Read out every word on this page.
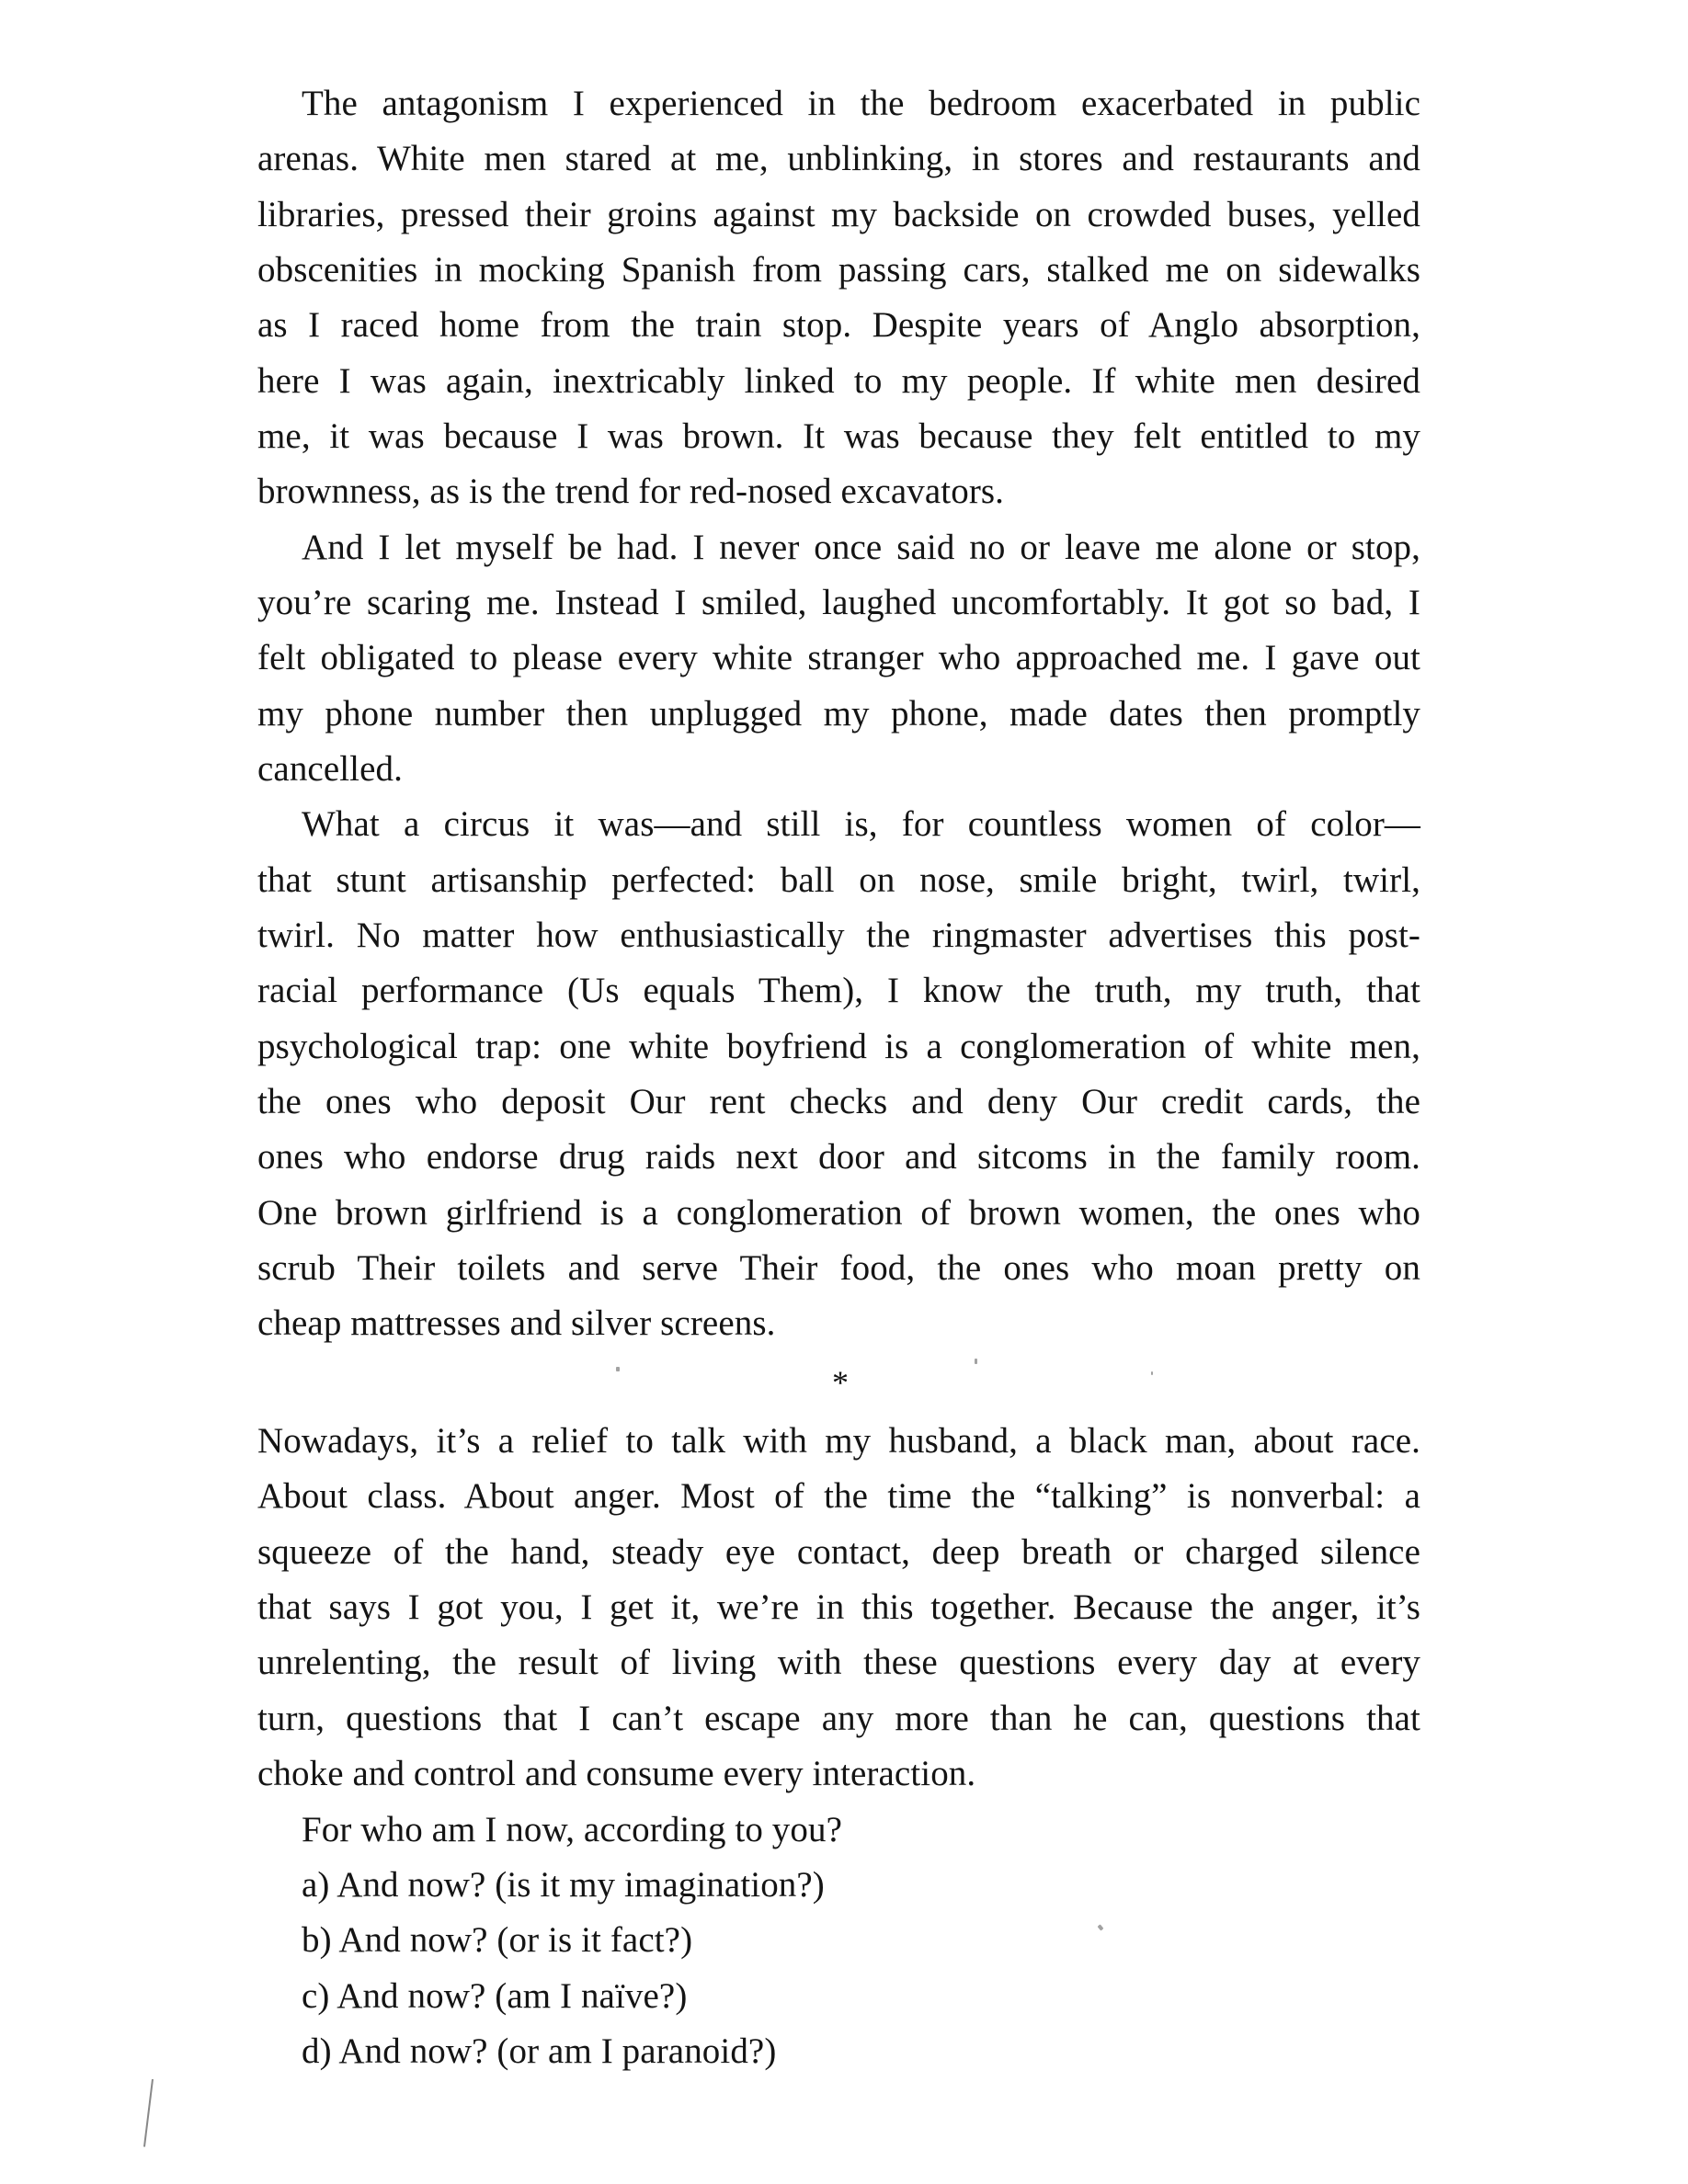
The antagonism I experienced in the bedroom exacerbated in public
arenas. White men stared at me, unblinking, in stores and restaurants and
libraries, pressed their groins against my backside on crowded buses, yelled
obscenities in mocking Spanish from passing cars, stalked me on sidewalks
as I raced home from the train stop. Despite years of Anglo absorption,
here I was again, inextricably linked to my people. If white men desired
me, it was because I was brown. It was because they felt entitled to my
brownness, as is the trend for red-nosed excavators.
And I let myself be had. I never once said no or leave me alone or stop,
you’re scaring me. Instead I smiled, laughed uncomfortably. It got so bad, I
felt obligated to please every white stranger who approached me. I gave out
my phone number then unplugged my phone, made dates then promptly
cancelled.
What a circus it was—and still is, for countless women of color—
that stunt artisanship perfected: ball on nose, smile bright, twirl, twirl,
twirl. No matter how enthusiastically the ringmaster advertises this post-
racial performance (Us equals Them), I know the truth, my truth, that
psychological trap: one white boyfriend is a conglomeration of white men,
the ones who deposit Our rent checks and deny Our credit cards, the
ones who endorse drug raids next door and sitcoms in the family room.
One brown girlfriend is a conglomeration of brown women, the ones who
scrub Their toilets and serve Their food, the ones who moan pretty on
cheap mattresses and silver screens.
*
Nowadays, it’s a relief to talk with my husband, a black man, about race.
About class. About anger. Most of the time the “talking” is nonverbal: a
squeeze of the hand, steady eye contact, deep breath or charged silence
that says I got you, I get it, we’re in this together. Because the anger, it’s
unrelenting, the result of living with these questions every day at every
turn, questions that I can’t escape any more than he can, questions that
choke and control and consume every interaction.
For who am I now, according to you?
a) And now? (is it my imagination?)
b) And now? (or is it fact?)
c) And now? (am I naïve?)
d) And now? (or am I paranoid?)
